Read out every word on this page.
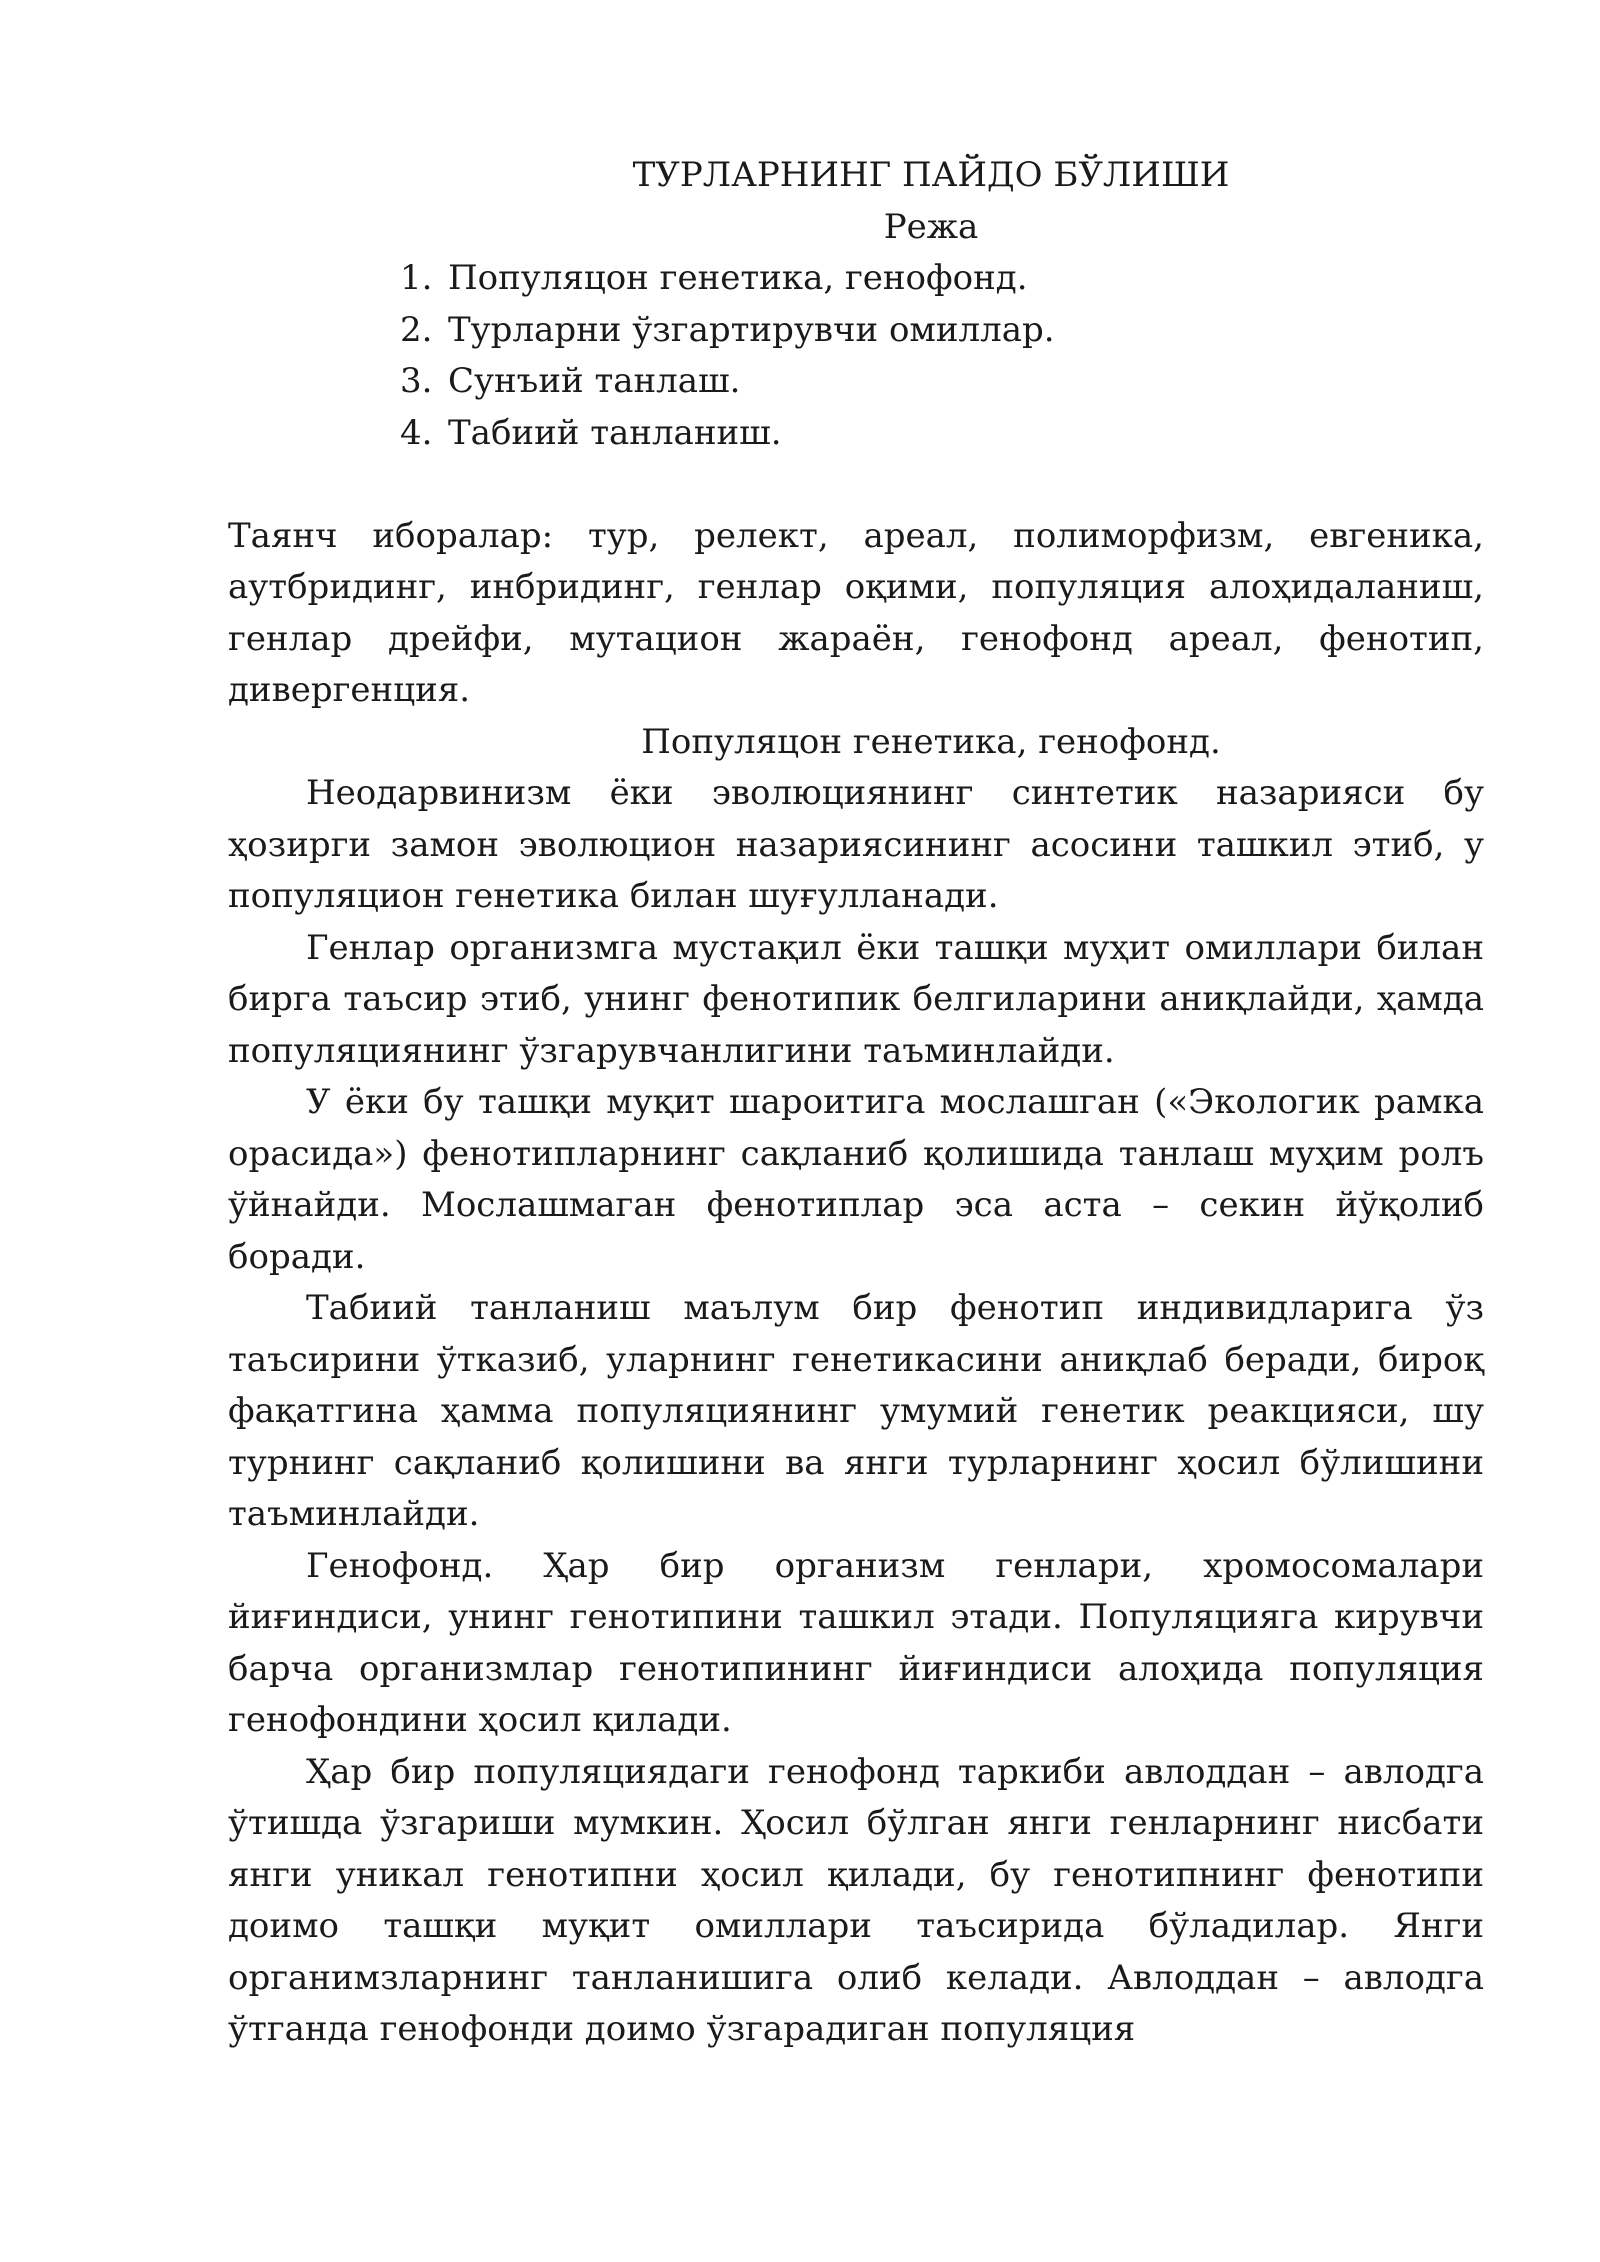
ТУРЛАРНИНГ ПАЙДО БЎЛИШИ
Режа
1. Популяцон генетика, генофонд.
2. Турларни ўзгартирувчи омиллар.
3. Сунъий танлаш.
4. Табиий танланиш.

Таянч иборалар: тур, релект, ареал, полиморфизм, евгеника, аутбридинг, инбридинг, генлар оқими, популяция алоҳидаланиш, генлар дрейфи, мутацион жараён, генофонд ареал, фенотип, дивергенция.

Популяцон генетика, генофонд.

Неодарвинизм ёки эволюциянинг синтетик назарияси бу ҳозирги замон эволюцион назариясининг асосини ташкил этиб, у популяцион генетика билан шуғулланади.

Генлар организмга мустақил ёки ташқи муҳит омиллари билан бирга таъсир этиб, унинг фенотипик белгиларини аниқлайди, ҳамда популяциянинг ўзгарувчанлигини таъминлайди.

У ёки бу ташқи муқит шароитига мослашган («Экологик рамка орасида») фенотипларнинг сақланиб қолишида танлаш муҳим ролъ ўйнайди. Мослашмаган фенотиплар эса аста – секин йўқолиб боради.

Табиий танланиш маълум бир фенотип индивидларига ўз таъсирини ўтказиб, уларнинг генетикасини аниқлаб беради, бироқ фақатгина ҳамма популяциянинг умумий генетик реакцияси, шу турнинг сақланиб қолишини ва янги турларнинг ҳосил бўлишини таъминлайди.

Генофонд. Ҳар бир организм генлари, хромосомалари йиғиндиси, унинг генотипини ташкил этади. Популяцияга кирувчи барча организмлар генотипининг йиғиндиси алоҳида популяция генофондини ҳосил қилади.

Ҳар бир популяциядаги генофонд таркиби авлоддан – авлодга ўтишда ўзгариши мумкин. Ҳосил бўлган янги генларнинг нисбати янги уникал генотипни ҳосил қилади, бу генотипнинг фенотипи доимо ташқи муқит омиллари таъсирида бўладилар. Янги органимзларнинг танланишига олиб келади. Авлоддан – авлодга ўтганда генофонди доимо ўзгарадиган популяция
